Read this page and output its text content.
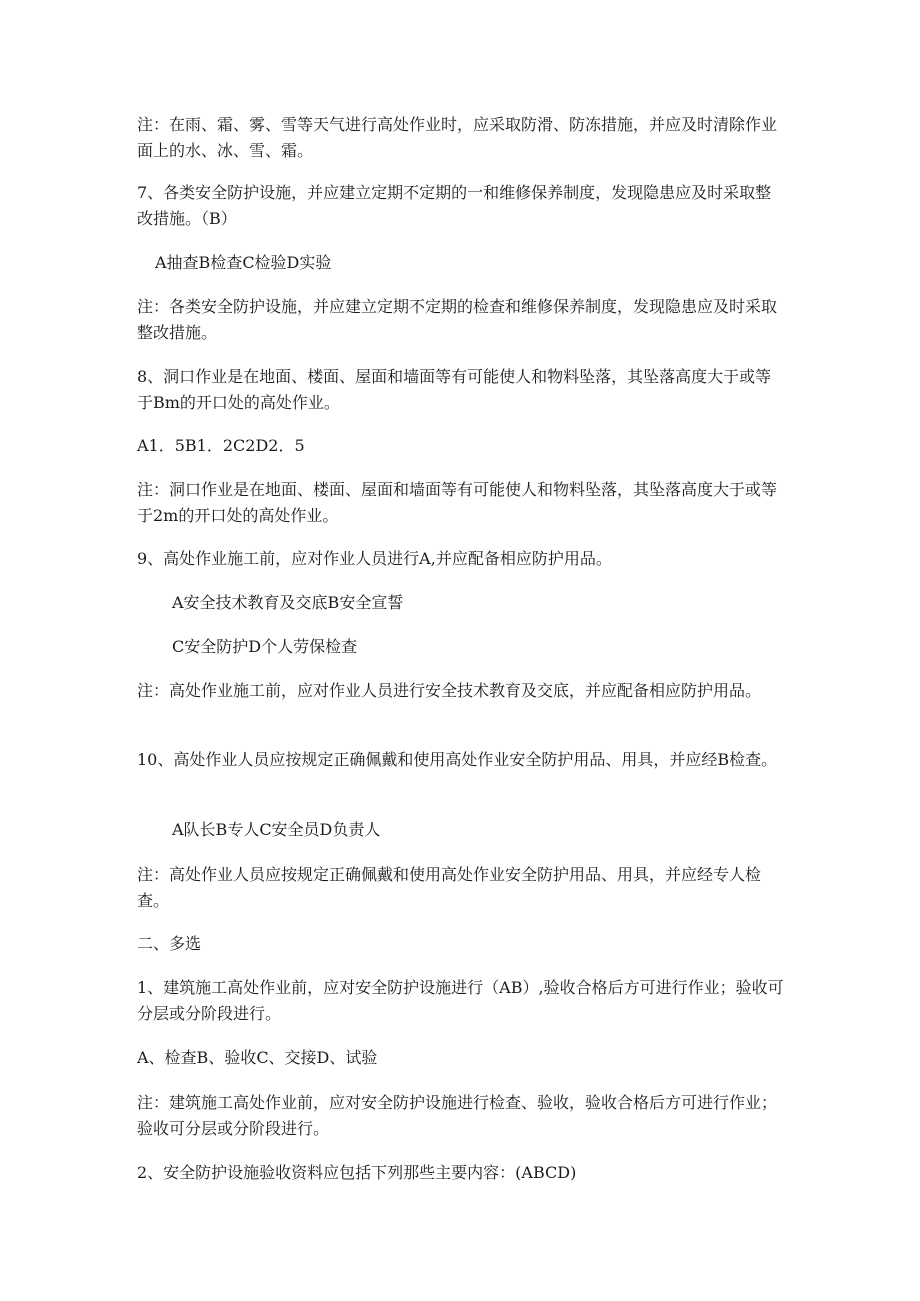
注：在雨、霜、雾、雪等天气进行高处作业时，应采取防滑、防冻措施，并应及时清除作业面上的水、冰、雪、霜。

7、各类安全防护设施，并应建立定期不定期的一和维修保养制度，发现隐患应及时采取整改措施。（B）

A抽查B检查C检验D实验

注：各类安全防护设施，并应建立定期不定期的检查和维修保养制度，发现隐患应及时采取整改措施。

8、洞口作业是在地面、楼面、屋面和墙面等有可能使人和物料坠落，其坠落高度大于或等于Bm的开口处的高处作业。

A1．5B1．2C2D2．5

注：洞口作业是在地面、楼面、屋面和墙面等有可能使人和物料坠落，其坠落高度大于或等于2m的开口处的高处作业。

9、高处作业施工前，应对作业人员进行A,并应配备相应防护用品。

A安全技术教育及交底B安全宣誓

C安全防护D个人劳保检查

注：高处作业施工前，应对作业人员进行安全技术教育及交底，并应配备相应防护用品。

10、高处作业人员应按规定正确佩戴和使用高处作业安全防护用品、用具，并应经B检查。

A队长B专人C安全员D负责人

注：高处作业人员应按规定正确佩戴和使用高处作业安全防护用品、用具，并应经专人检查。

二、多选

1、建筑施工高处作业前，应对安全防护设施进行（AB）,验收合格后方可进行作业；验收可分层或分阶段进行。

A、检查B、验收C、交接D、试验

注：建筑施工高处作业前，应对安全防护设施进行检查、验收，验收合格后方可进行作业；验收可分层或分阶段进行。

2、安全防护设施验收资料应包括下列那些主要内容：(ABCD)
